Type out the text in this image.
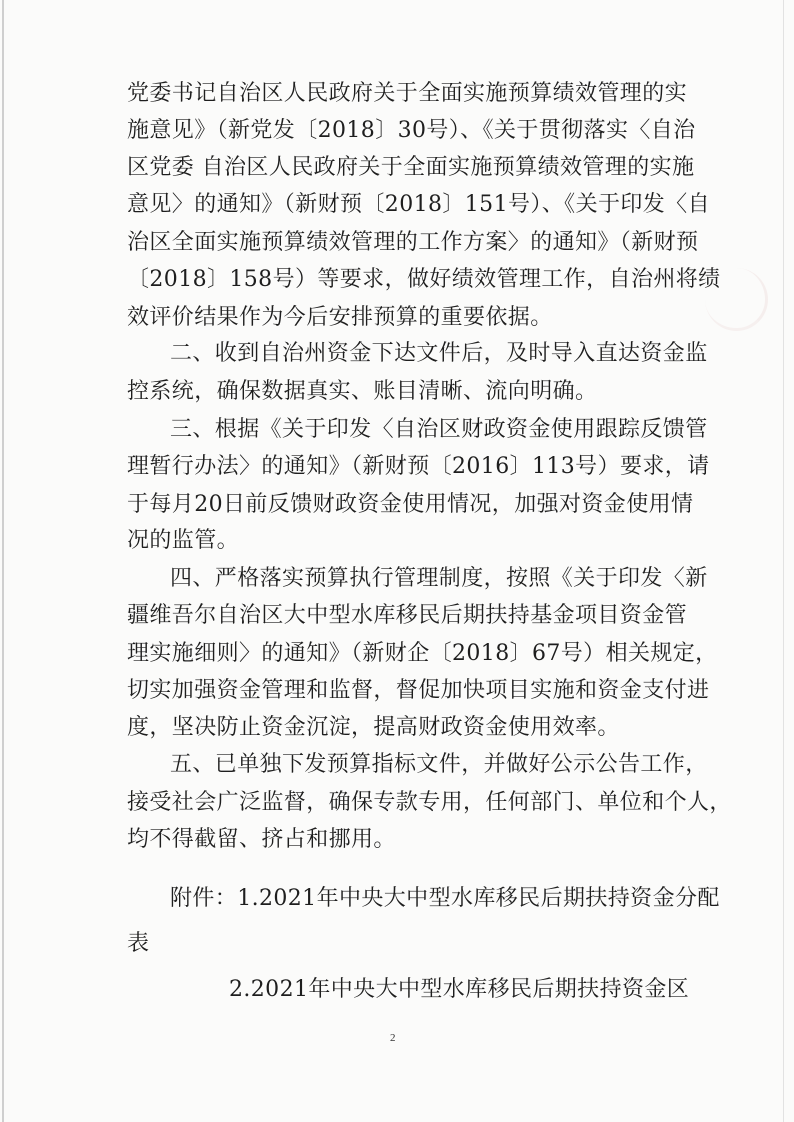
党委书记自治区人民政府关于全面实施预算绩效管理的实
施意见》（新党发〔2018〕30号）、《关于贯彻落实〈自治
区党委 自治区人民政府关于全面实施预算绩效管理的实施
意见〉的通知》（新财预〔2018〕151号）、《关于印发〈自
治区全面实施预算绩效管理的工作方案〉的通知》（新财预
〔2018〕158号）等要求，做好绩效管理工作，自治州将绩
效评价结果作为今后安排预算的重要依据。
二、收到自治州资金下达文件后，及时导入直达资金监
控系统，确保数据真实、账目清晰、流向明确。
三、根据《关于印发〈自治区财政资金使用跟踪反馈管
理暂行办法〉的通知》（新财预〔2016〕113号）要求，请
于每月20日前反馈财政资金使用情况，加强对资金使用情
况的监管。
四、严格落实预算执行管理制度，按照《关于印发〈新
疆维吾尔自治区大中型水库移民后期扶持基金项目资金管
理实施细则〉的通知》（新财企〔2018〕67号）相关规定，
切实加强资金管理和监督，督促加快项目实施和资金支付进
度，坚决防止资金沉淀，提高财政资金使用效率。
五、已单独下发预算指标文件，并做好公示公告工作，
接受社会广泛监督，确保专款专用，任何部门、单位和个人，
均不得截留、挤占和挪用。
2
附件：1.2021年中央大中型水库移民后期扶持资金分配
表
2.2021年中央大中型水库移民后期扶持资金区
